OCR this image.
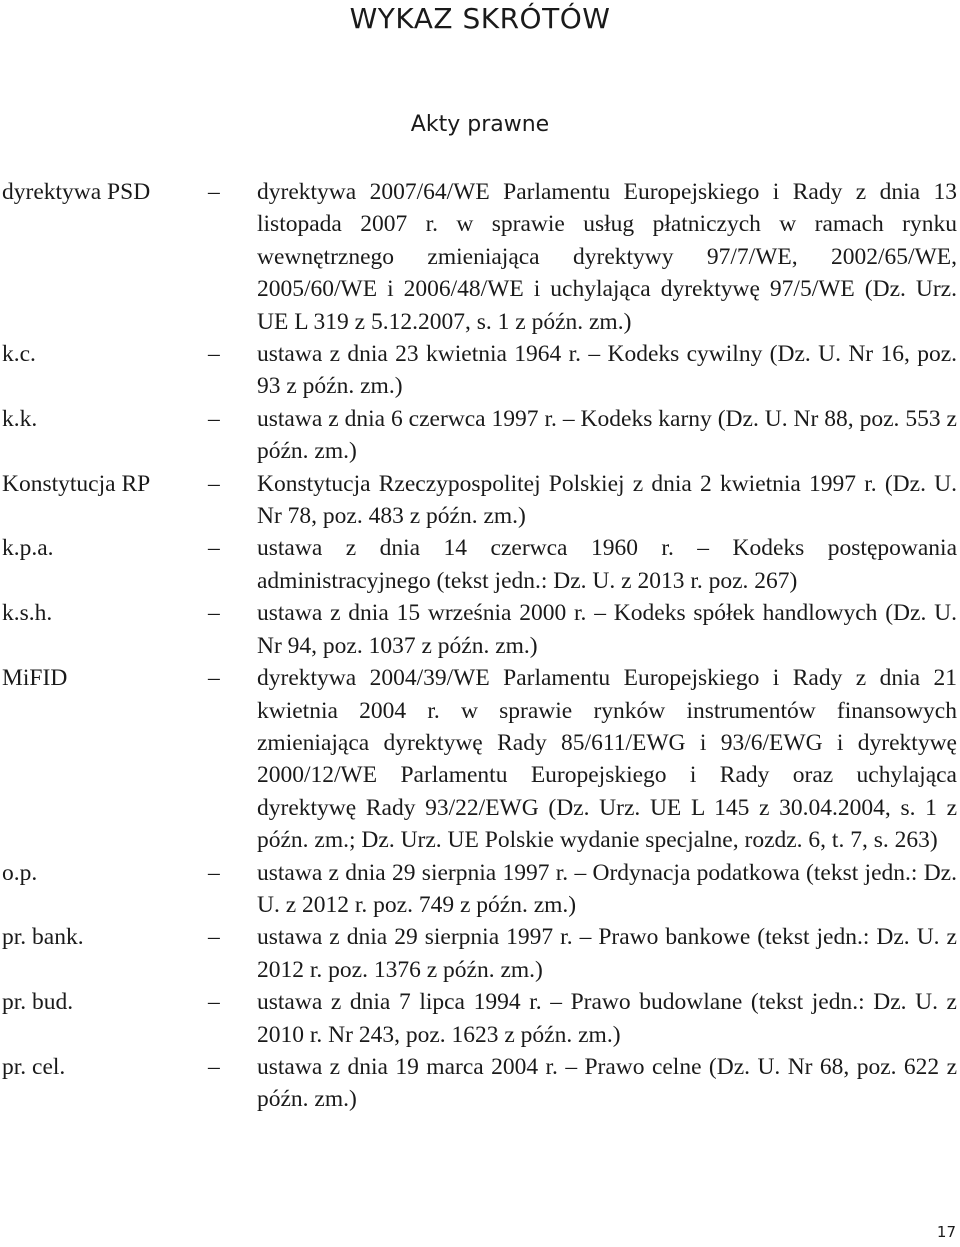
WYKAZ SKRÓTÓW
Akty prawne
dyrektywa PSD – dyrektywa 2007/64/WE Parlamentu Europejskiego i Rady z dnia 13 listopada 2007 r. w sprawie usług płatniczych w ramach rynku wewnętrznego zmieniająca dyrektywy 97/7/WE, 2002/65/WE, 2005/60/WE i 2006/48/WE i uchylająca dyrektywę 97/5/WE (Dz. Urz. UE L 319 z 5.12.2007, s. 1 z późn. zm.)
k.c.	– ustawa z dnia 23 kwietnia 1964 r. – Kodeks cywilny (Dz. U. Nr 16, poz. 93 z późn. zm.)
k.k.	– ustawa z dnia 6 czerwca 1997 r. – Kodeks karny (Dz. U. Nr 88, poz. 553 z późn. zm.)
Konstytucja RP – Konstytucja Rzeczypospolitej Polskiej z dnia 2 kwietnia 1997 r. (Dz. U. Nr 78, poz. 483 z późn. zm.)
k.p.a.	– ustawa z dnia 14 czerwca 1960 r. – Kodeks postępowania administracyjnego (tekst jedn.: Dz. U. z 2013 r. poz. 267)
k.s.h.	– ustawa z dnia 15 września 2000 r. – Kodeks spółek handlowych (Dz. U. Nr 94, poz. 1037 z późn. zm.)
MiFID	– dyrektywa 2004/39/WE Parlamentu Europejskiego i Rady z dnia 21 kwietnia 2004 r. w sprawie rynków instrumentów finansowych zmieniająca dyrektywę Rady 85/611/EWG i 93/6/EWG i dyrektywę 2000/12/WE Parlamentu Europejskiego i Rady oraz uchylająca dyrektywę Rady 93/22/EWG (Dz. Urz. UE L 145 z 30.04.2004, s. 1 z późn. zm.; Dz. Urz. UE Polskie wydanie specjalne, rozdz. 6, t. 7, s. 263)
o.p.	– ustawa z dnia 29 sierpnia 1997 r. – Ordynacja podatkowa (tekst jedn.: Dz. U. z 2012 r. poz. 749 z późn. zm.)
pr. bank.	– ustawa z dnia 29 sierpnia 1997 r. – Prawo bankowe (tekst jedn.: Dz. U. z 2012 r. poz. 1376 z późn. zm.)
pr. bud.	– ustawa z dnia 7 lipca 1994 r. – Prawo budowlane (tekst jedn.: Dz. U. z 2010 r. Nr 243, poz. 1623 z późn. zm.)
pr. cel.	– ustawa z dnia 19 marca 2004 r. – Prawo celne (Dz. U. Nr 68, poz. 622 z późn. zm.)
17
